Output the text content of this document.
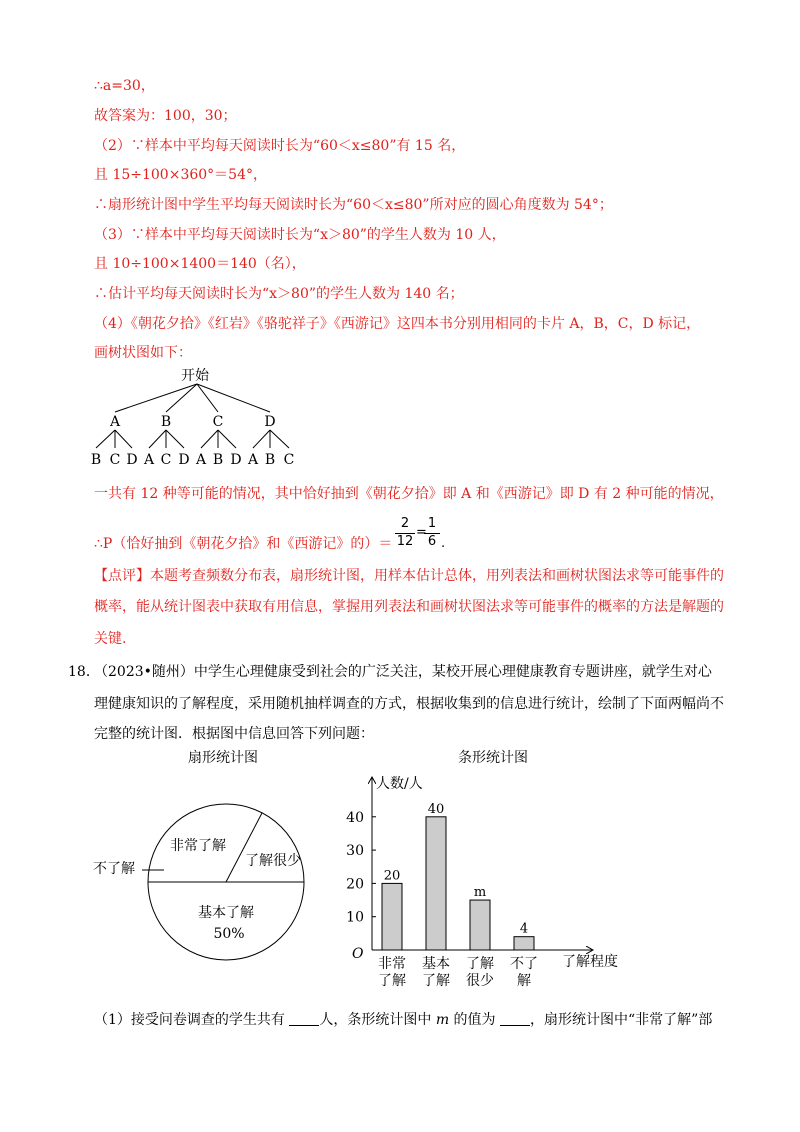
∴a=30，
故答案为：100，30；
（2）∵样本中平均每天阅读时长为“60＜x≤80”有 15 名，
且 15÷100×360°＝54°，
∴扇形统计图中学生平均每天阅读时长为“60＜x≤80”所对应的圆心角度数为 54°；
（3）∵样本中平均每天阅读时长为“x＞80”的学生人数为 10 人，
且 10÷100×1400＝140（名），
∴估计平均每天阅读时长为“x＞80”的学生人数为 140 名；
（4）《朝花夕拾》《红岩》《骆驼祥子》《西游记》这四本书分别用相同的卡片 A，B，C，D 标记，
画树状图如下：
开始
A	B	C	D
B C D A C D A B D A B C
一共有 12 种等可能的情况，其中恰好抽到《朝花夕拾》即 A 和《西游记》即 D 有 2 种可能的情况，
∴P（恰好抽到《朝花夕拾》和《西游记》的）＝
2
12
=
1
6 .
【点评】本题考查频数分布表，扇形统计图，用样本估计总体，用列表法和画树状图法求等可能事件的
概率，能从统计图表中获取有用信息，掌握用列表法和画树状图法求等可能事件的概率的方法是解题的
关键.
18．
（2023•随州）中学生心理健康受到社会的广泛关注，某校开展心理健康教育专题讲座，就学生对心
理健康知识的了解程度，采用随机抽样调查的方式，根据收集到的信息进行统计，绘制了下面两幅尚不
完整的统计图．根据图中信息回答下列问题：
扇形统计图
非常了解
了解很少
不了解
基本了解
50%
条形统计图
人数/人
了解程度
O
10
20
30
40
20
非常
了解
40
基本
了解
m
了解
很少
4
不了
解
（1）接受问卷调查的学生共有 人，条形统计图中 m 的值为 ，扇形统计图中“非常了解”部
